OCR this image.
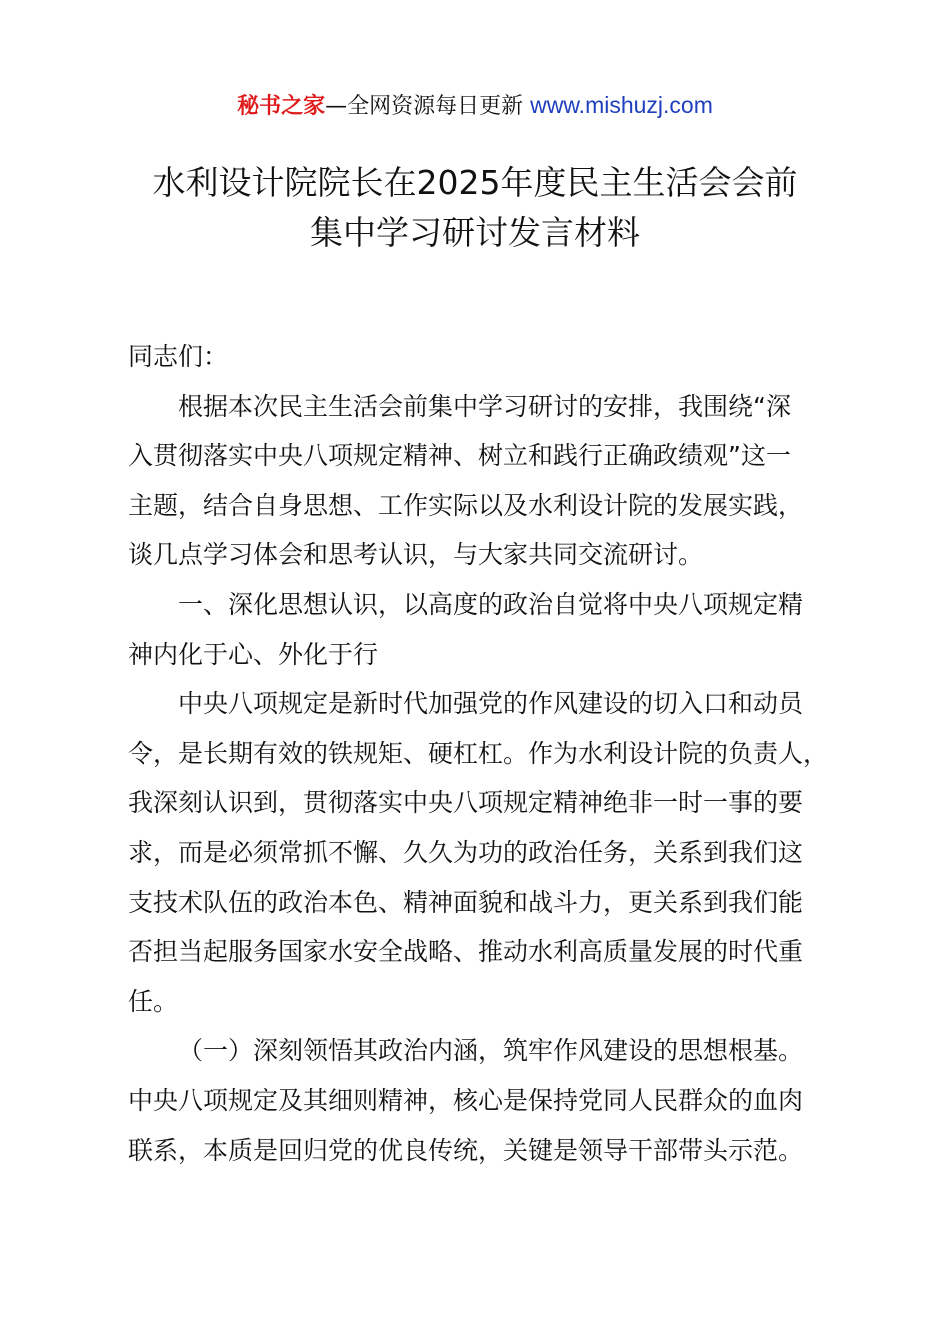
秘书之家—全网资源每日更新 www.mishuzj.com
水利设计院院长在2025年度民主生活会会前
集中学习研讨发言材料
同志们：
根据本次民主生活会前集中学习研讨的安排，我围绕“深
入贯彻落实中央八项规定精神、树立和践行正确政绩观”这一
主题，结合自身思想、工作实际以及水利设计院的发展实践，
谈几点学习体会和思考认识，与大家共同交流研讨。
一、深化思想认识，以高度的政治自觉将中央八项规定精
神内化于心、外化于行
中央八项规定是新时代加强党的作风建设的切入口和动员
令，是长期有效的铁规矩、硬杠杠。作为水利设计院的负责人，
我深刻认识到，贯彻落实中央八项规定精神绝非一时一事的要
求，而是必须常抓不懈、久久为功的政治任务，关系到我们这
支技术队伍的政治本色、精神面貌和战斗力，更关系到我们能
否担当起服务国家水安全战略、推动水利高质量发展的时代重
任。
（一）深刻领悟其政治内涵，筑牢作风建设的思想根基。
中央八项规定及其细则精神，核心是保持党同人民群众的血肉
联系，本质是回归党的优良传统，关键是领导干部带头示范。
